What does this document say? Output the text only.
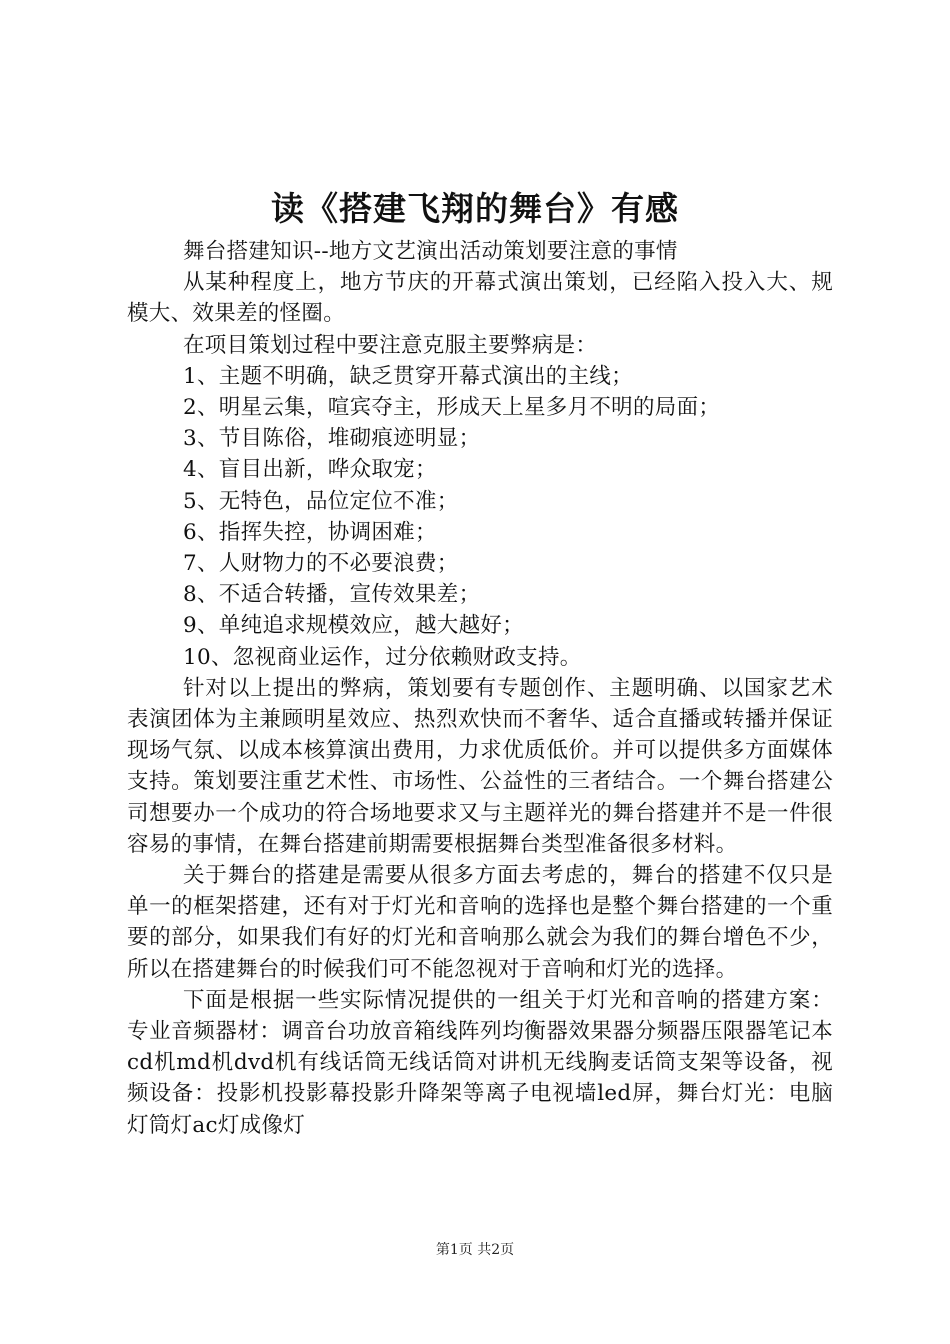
读《搭建飞翔的舞台》有感

舞台搭建知识--地方文艺演出活动策划要注意的事情

从某种程度上，地方节庆的开幕式演出策划，已经陷入投入大、规模大、效果差的怪圈。

在项目策划过程中要注意克服主要弊病是：

1、主题不明确，缺乏贯穿开幕式演出的主线；

2、明星云集，喧宾夺主，形成天上星多月不明的局面；

3、节目陈俗，堆砌痕迹明显；

4、盲目出新，哗众取宠；

5、无特色，品位定位不准；

6、指挥失控，协调困难；

7、人财物力的不必要浪费；

8、不适合转播，宣传效果差；

9、单纯追求规模效应，越大越好；

10、忽视商业运作，过分依赖财政支持。

针对以上提出的弊病，策划要有专题创作、主题明确、以国家艺术表演团体为主兼顾明星效应、热烈欢快而不奢华、适合直播或转播并保证现场气氛、以成本核算演出费用，力求优质低价。并可以提供多方面媒体支持。策划要注重艺术性、市场性、公益性的三者结合。一个舞台搭建公司想要办一个成功的符合场地要求又与主题祥光的舞台搭建并不是一件很容易的事情，在舞台搭建前期需要根据舞台类型准备很多材料。

关于舞台的搭建是需要从很多方面去考虑的，舞台的搭建不仅只是单一的框架搭建，还有对于灯光和音响的选择也是整个舞台搭建的一个重要的部分，如果我们有好的灯光和音响那么就会为我们的舞台增色不少，所以在搭建舞台的时候我们可不能忽视对于音响和灯光的选择。

下面是根据一些实际情况提供的一组关于灯光和音响的搭建方案：专业音频器材：调音台功放音箱线阵列均衡器效果器分频器压限器笔记本cd机md机dvd机有线话筒无线话筒对讲机无线胸麦话筒支架等设备，视频设备：投影机投影幕投影升降架等离子电视墙led屏，舞台灯光：电脑灯筒灯ac灯成像灯

第1页 共2页
